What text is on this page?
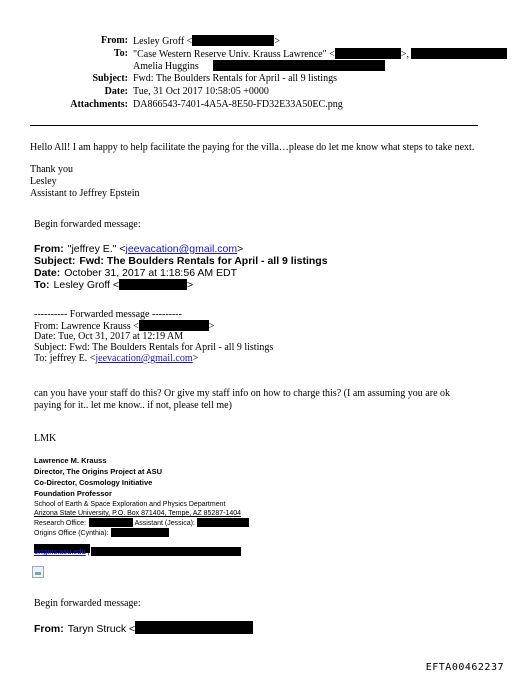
From: Lesley Groff <	>
To: "Case Western Reserve Univ. Krauss Lawrence" <	>,
Amelia Huggins
Subject: Fwd: The Boulders Rentals for April - all 9 listings
Date: Tue, 31 Oct 2017 10:58:05 +0000
Attachments: DA866543-7401-4A5A-8E50-FD32E33A50EC.png
Hello All! I am happy to help facilitate the paying for the villa…please do let me know what steps to take next.
Thank you
Lesley
Assistant to Jeffrey Epstein
Begin forwarded message:
From: "jeffrey E." <jeevacation@gmail.com>
Subject: Fwd: The Boulders Rentals for April - all 9 listings
Date: October 31, 2017 at 1:18:56 AM EDT
To: Lesley Groff <	>
---------- Forwarded message ---------
From: Lawrence Krauss <	>
Date: Tue, Oct 31, 2017 at 12:19 AM
Subject: Fwd: The Boulders Rentals for April - all 9 listings
To: jeffrey E. <jeevacation@gmail.com>
can you have your staff do this? Or give my staff info on how to charge this? (I am assuming you are ok
paying for it.. let me know.. if not, please tell me)
LMK
Lawrence M. Krauss
Director, The Origins Project at ASU
Co-Director, Cosmology Initiative
Foundation Professor
School of Earth & Space Exploration and Physics Department
Arizona State University, P.O. Box 871404, Tempe, AZ 85287-1404
Research Office:	Assistant (Jessica):
Origins Office (Cynthia):
origins.asu.edu |
Begin forwarded message:
From: Taryn Struck <
EFTA00462237
